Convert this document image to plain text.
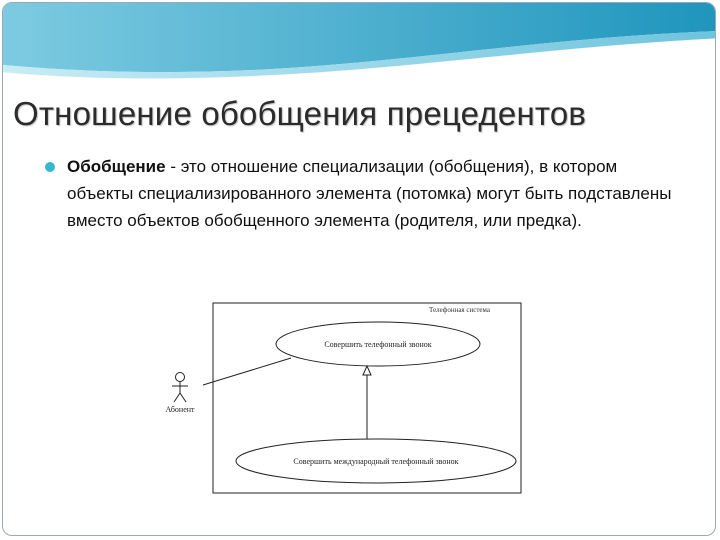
Отношение обобщения прецедентов

Обобщение - это отношение специализации (обобщения), в котором объекты специализированного элемента (потомка) могут быть подставлены вместо объектов обобщенного элемента (родителя, или предка).

Телефонная система
Совершить телефонный звонок
Совершить международный телефонный звонок
Абонент
